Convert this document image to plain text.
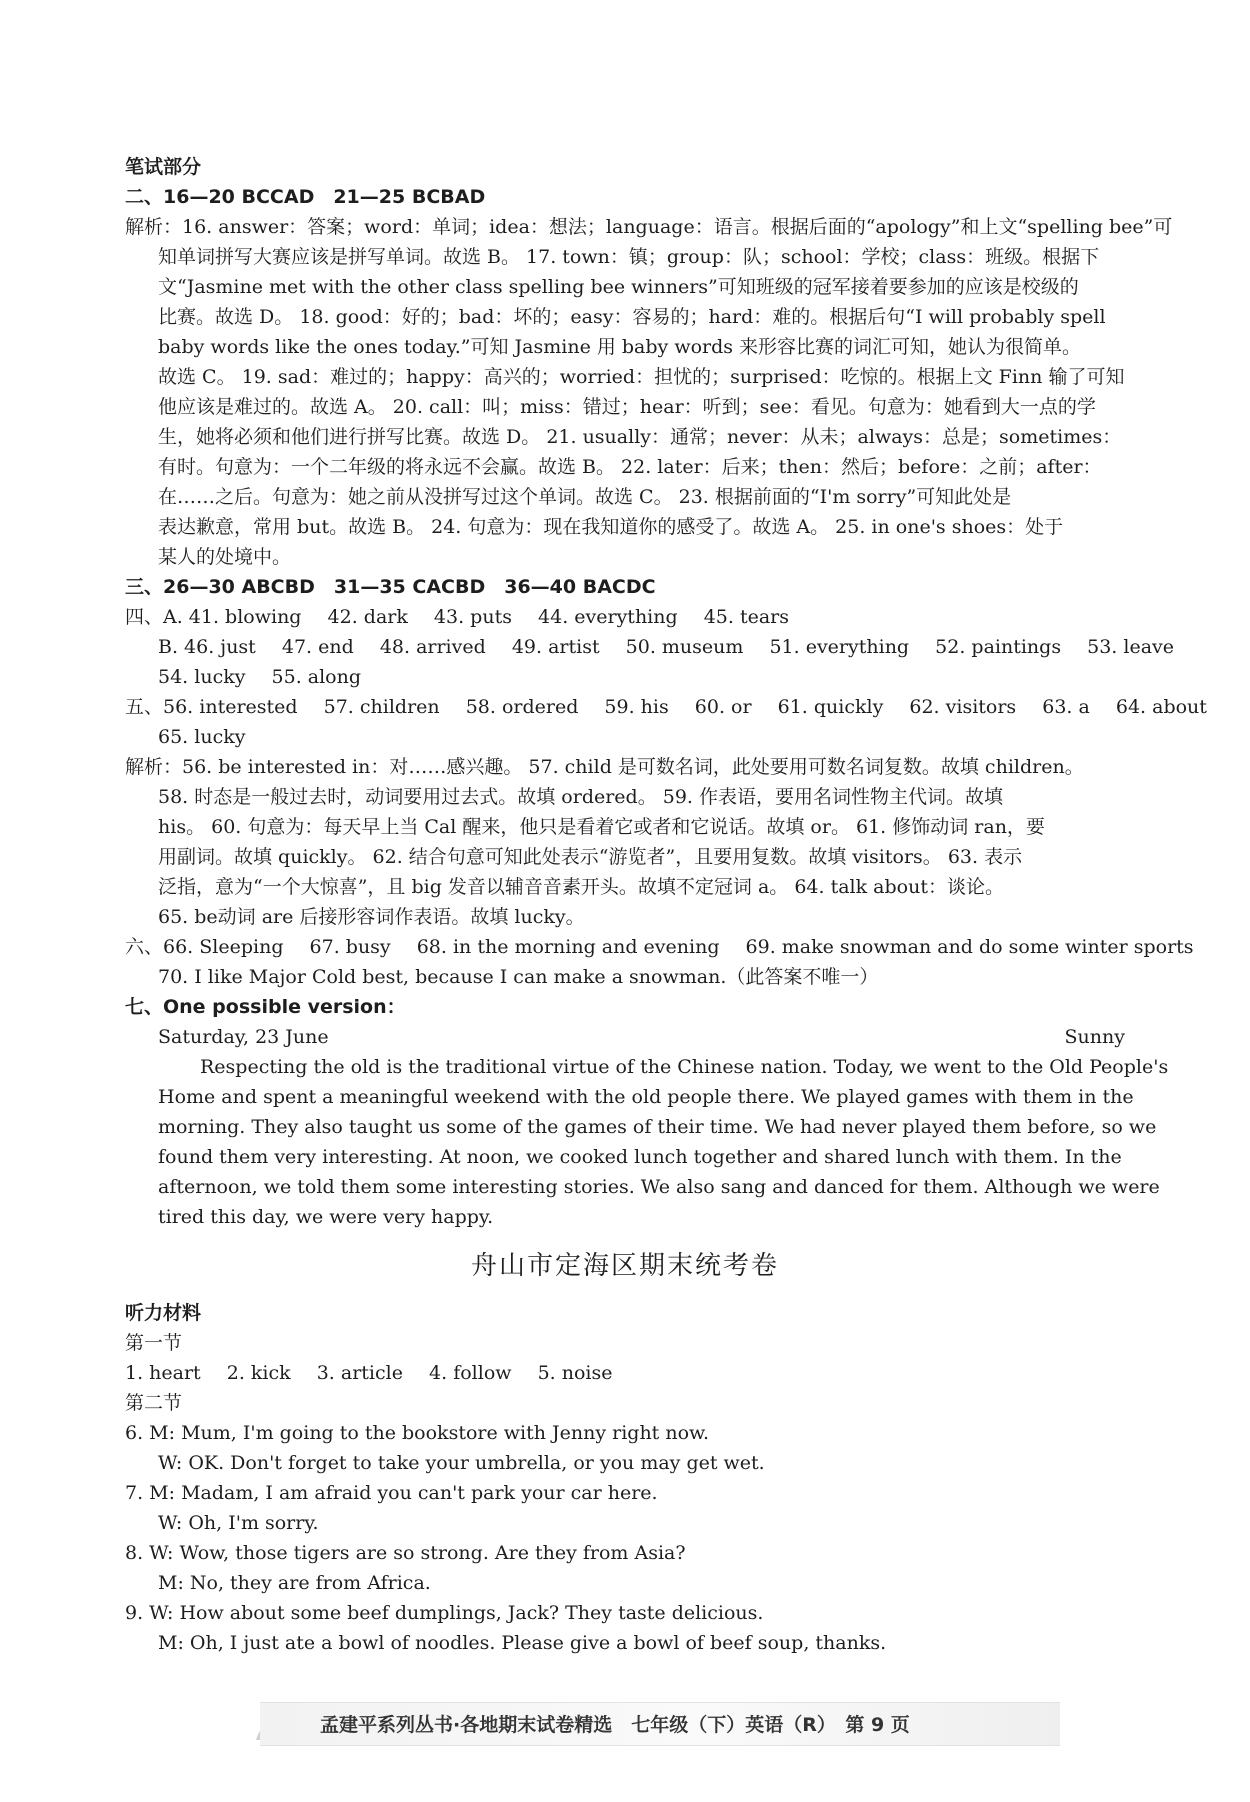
笔试部分
二、16—20 BCCAD　21—25 BCBAD
解析：16. answer：答案；word：单词；idea：想法；language：语言。根据后面的“apology”和上文“spelling bee”可
知单词拼写大赛应该是拼写单词。故选 B。 17. town：镇；group：队；school：学校；class：班级。根据下
文“Jasmine met with the other class spelling bee winners”可知班级的冠军接着要参加的应该是校级的
比赛。故选 D。 18. good：好的；bad：坏的；easy：容易的；hard：难的。根据后句“I will probably spell
baby words like the ones today.”可知 Jasmine 用 baby words 来形容比赛的词汇可知，她认为很简单。
故选 C。 19. sad：难过的；happy：高兴的；worried：担忧的；surprised：吃惊的。根据上文 Finn 输了可知
他应该是难过的。故选 A。 20. call：叫；miss：错过；hear：听到；see：看见。句意为：她看到大一点的学
生，她将必须和他们进行拼写比赛。故选 D。 21. usually：通常；never：从未；always：总是；sometimes：
有时。句意为：一个二年级的将永远不会赢。故选 B。 22. later：后来；then：然后；before：之前；after：
在……之后。句意为：她之前从没拼写过这个单词。故选 C。 23. 根据前面的“I'm sorry”可知此处是
表达歉意，常用 but。故选 B。 24. 句意为：现在我知道你的感受了。故选 A。 25. in one's shoes：处于
某人的处境中。
三、26—30 ABCBD　31—35 CACBD　36—40 BACDC
四、A. 41. blowing 42. dark 43. puts 44. everything 45. tears
B. 46. just 47. end 48. arrived 49. artist 50. museum 51. everything 52. paintings 53. leave
54. lucky 55. along
五、56. interested 57. children 58. ordered 59. his 60. or 61. quickly 62. visitors 63. a 64. about
65. lucky
解析：56. be interested in：对……感兴趣。 57. child 是可数名词，此处要用可数名词复数。故填 children。
58. 时态是一般过去时，动词要用过去式。故填 ordered。 59. 作表语，要用名词性物主代词。故填
his。 60. 句意为：每天早上当 Cal 醒来，他只是看着它或者和它说话。故填 or。 61. 修饰动词 ran，要
用副词。故填 quickly。 62. 结合句意可知此处表示“游览者”，且要用复数。故填 visitors。 63. 表示
泛指，意为“一个大惊喜”，且 big 发音以辅音音素开头。故填不定冠词 a。 64. talk about：谈论。
65. be动词 are 后接形容词作表语。故填 lucky。
六、66. Sleeping 67. busy 68. in the morning and evening 69. make snowman and do some winter sports
70. I like Major Cold best, because I can make a snowman.（此答案不唯一）
七、One possible version：
Saturday, 23 June	Sunny
Respecting the old is the traditional virtue of the Chinese nation. Today, we went to the Old People's
Home and spent a meaningful weekend with the old people there. We played games with them in the
morning. They also taught us some of the games of their time. We had never played them before, so we
found them very interesting. At noon, we cooked lunch together and shared lunch with them. In the
afternoon, we told them some interesting stories. We also sang and danced for them. Although we were
tired this day, we were very happy.
舟山市定海区期末统考卷
听力材料
第一节
1. heart 2. kick 3. article 4. follow 5. noise
第二节
6. M: Mum, I'm going to the bookstore with Jenny right now.
W: OK. Don't forget to take your umbrella, or you may get wet.
7. M: Madam, I am afraid you can't park your car here.
W: Oh, I'm sorry.
8. W: Wow, those tigers are so strong. Are they from Asia?
M: No, they are from Africa.
9. W: How about some beef dumplings, Jack? They taste delicious.
M: Oh, I just ate a bowl of noodles. Please give a bowl of beef soup, thanks.
孟建平系列丛书·各地期末试卷精选　七年级（下）英语（R）　第 9 页
